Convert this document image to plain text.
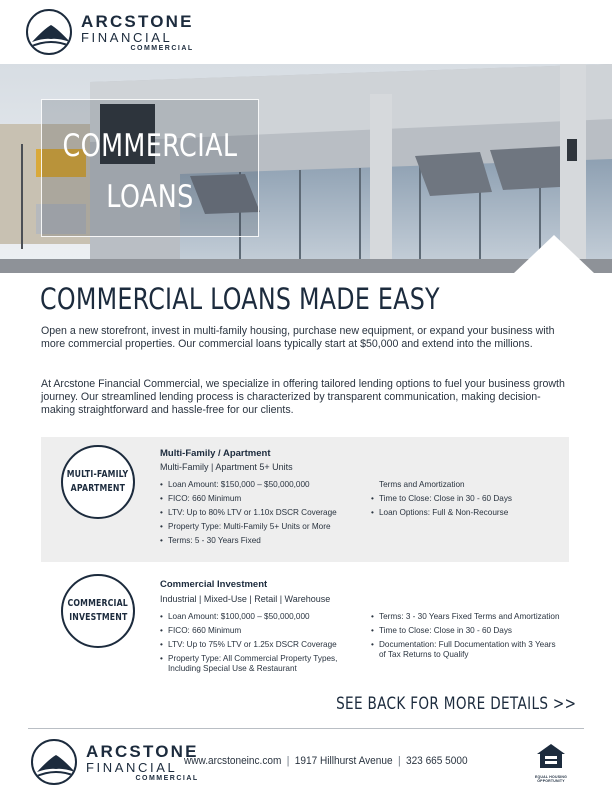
ARCSTONE
FINANCIAL
COMMERCIAL
COMMERCIAL
LOANS
COMMERCIAL LOANS MADE EASY

Open a new storefront, invest in multi-family housing, purchase new equipment, or expand your business with more commercial properties. Our commercial loans typically start at $50,000 and extend into the millions.

At Arcstone Financial Commercial, we specialize in offering tailored lending options to fuel your business growth journey. Our streamlined lending process is characterized by transparent communication, making decision-making straightforward and hassle-free for our clients.

MULTI-FAMILY
APARTMENT
Multi-Family / Apartment
Multi-Family | Apartment 5+ Units
• Loan Amount: $150,000 – $50,000,000
• FICO: 660 Minimum
• LTV: Up to 80% LTV or 1.10x DSCR Coverage
• Property Type: Multi-Family 5+ Units or More
• Terms: 5 - 30 Years Fixed
Terms and Amortization
• Time to Close: Close in 30 - 60 Days
• Loan Options: Full & Non-Recourse
COMMERCIAL
INVESTMENT
Commercial Investment
Industrial | Mixed-Use | Retail | Warehouse
• Loan Amount: $100,000 – $50,000,000
• FICO: 660 Minimum
• LTV: Up to 75% LTV or 1.25x DSCR Coverage
• Property Type: All Commercial Property Types, Including Special Use & Restaurant
• Terms: 3 - 30 Years Fixed Terms and Amortization
• Time to Close: Close in 30 - 60 Days
• Documentation: Full Documentation with 3 Years of Tax Returns to Qualify
SEE BACK FOR MORE DETAILS >>
ARCSTONE
FINANCIAL
COMMERCIAL
www.arcstoneinc.com | 1917 Hillhurst Avenue | 323 665 5000
EQUAL HOUSING OPPORTUNITY
